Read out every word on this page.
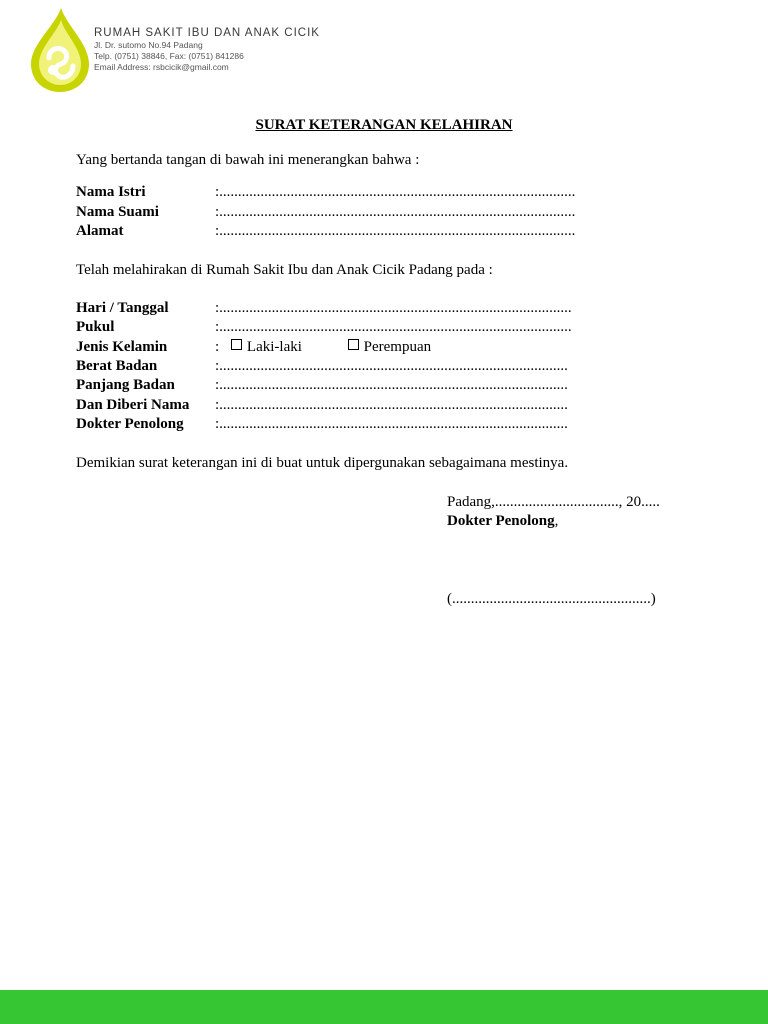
RUMAH SAKIT IBU DAN ANAK CICIK
Jl. Dr. sutomo No.94 Padang
Telp. (0751) 38846, Fax: (0751) 841286
Email Address: rsbcicik@gmail.com
SURAT KETERANGAN KELAHIRAN
Yang bertanda tangan di bawah ini menerangkan bahwa :
Nama Istri	:...............................................................................................
Nama Suami	:...............................................................................................
Alamat	:...............................................................................................
Telah melahirakan di Rumah Sakit Ibu dan Anak Cicik Padang pada :
Hari / Tanggal	:..............................................................................................
Pukul	:..............................................................................................
Jenis Kelamin	: Laki-laki	Perempuan
Berat Badan	:.............................................................................................
Panjang Badan	:.............................................................................................
Dan Diberi Nama :.............................................................................................
Dokter Penolong :.............................................................................................
Demikian surat keterangan ini di buat untuk dipergunakan sebagaimana mestinya.
Padang,................................., 20.....
Dokter Penolong,
(.....................................................)
